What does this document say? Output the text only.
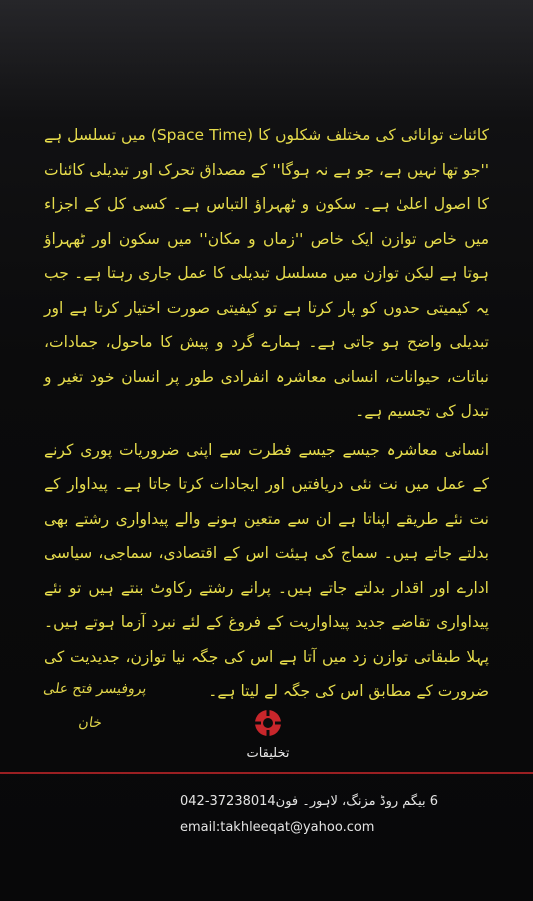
کائنات توانائی کی مختلف شکلوں کا (Space Time) میں تسلسل ہے ''جو تھا نہیں ہے، جو ہے نہ ہوگا'' کے مصداق تحرک اور تبدیلی کائنات کا اصول اعلیٰ ہے۔ سکون و ٹھہراؤ التباس ہے۔ کسی کل کے اجزاء میں خاص توازن ایک خاص ''زماں و مکان'' میں سکون اور ٹھہراؤ ہوتا ہے لیکن توازن میں مسلسل تبدیلی کا عمل جاری رہتا ہے۔ جب یہ کیمیتی حدوں کو پار کرتا ہے تو کیفیتی صورت اختیار کرتا ہے اور تبدیلی واضح ہو جاتی ہے۔ ہمارے گرد و پیش کا ماحول، جمادات، نباتات، حیوانات، انسانی معاشرہ انفرادی طور پر انسان خود تغیر و تبدل کی تجسیم ہے۔

انسانی معاشرہ جیسے جیسے فطرت سے اپنی ضروریات پوری کرنے کے عمل میں نت نئی دریافتیں اور ایجادات کرتا جاتا ہے۔ پیداوار کے نت نئے طریقے اپناتا ہے ان سے متعین ہونے والے پیداواری رشتے بھی بدلتے جاتے ہیں۔ سماج کی ہیئت اس کے اقتصادی، سماجی، سیاسی ادارے اور اقدار بدلتے جاتے ہیں۔ پرانے رشتے رکاوٹ بنتے ہیں تو نئے پیداواری تقاضے جدید پیداواریت کے فروغ کے لئے نبرد آزما ہوتے ہیں۔ پہلا طبقاتی توازن زد میں آتا ہے اس کی جگہ نیا توازن، جدیدیت کی ضرورت کے مطابق اس کی جگہ لے لیتا ہے۔

پروفیسر فتح علی خان
تخلیقات
042-37238014 6 بیگم روڈ مزنگ، لاہور۔ فون
email:takhleeqat@yahoo.com
